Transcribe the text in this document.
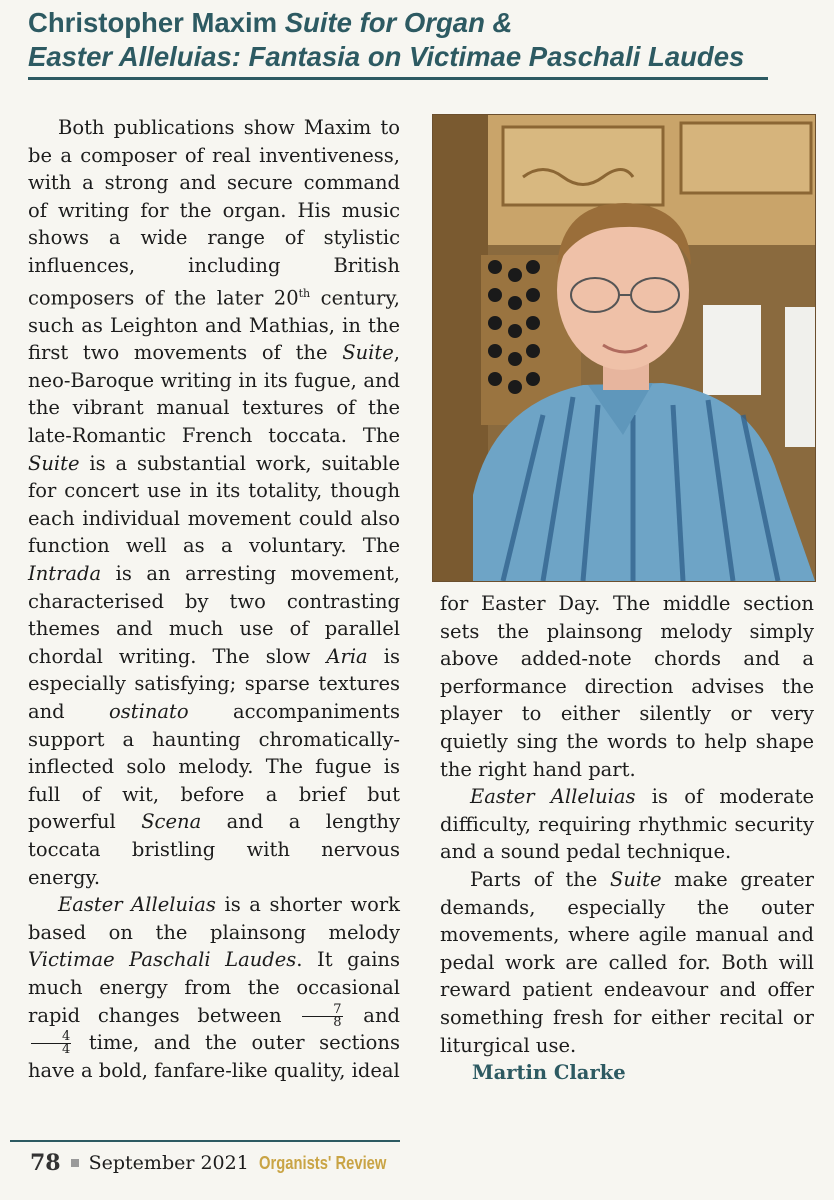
Christopher Maxim Suite for Organ &
Easter Alleluias: Fantasia on Victimae Paschali Laudes

Both publications show Maxim to be a composer of real inventiveness, with a strong and secure command of writing for the organ. His music shows a wide range of stylistic influences, including British composers of the later 20th century, such as Leighton and Mathias, in the first two movements of the Suite, neo-Baroque writing in its fugue, and the vibrant manual textures of the late-Romantic French toccata. The Suite is a substantial work, suitable for concert use in its totality, though each individual movement could also function well as a voluntary. The Intrada is an arresting movement, characterised by two contrasting themes and much use of parallel chordal writing. The slow Aria is especially satisfying; sparse textures and ostinato accompaniments support a haunting chromatically-inflected solo melody. The fugue is full of wit, before a brief but powerful Scena and a lengthy toccata bristling with nervous energy.

Easter Alleluias is a shorter work based on the plainsong melody Victimae Paschali Laudes. It gains much energy from the occasional rapid changes between $\frac{7}{8}$ and
$\frac{4}{4}$ time, and the outer sections have a bold, fanfare-like quality, ideal

for Easter Day. The middle section sets the plainsong melody simply above added-note chords and a performance direction advises the player to either silently or very quietly sing the words to help shape the right hand part.

Easter Alleluias is of moderate difficulty, requiring rhythmic security and a sound pedal technique.

Parts of the Suite make greater demands, especially the outer movements, where agile manual and pedal work are called for. Both will reward patient endeavour and offer something fresh for either recital or liturgical use.

Martin Clarke

78 September 2021 Organists' Review
